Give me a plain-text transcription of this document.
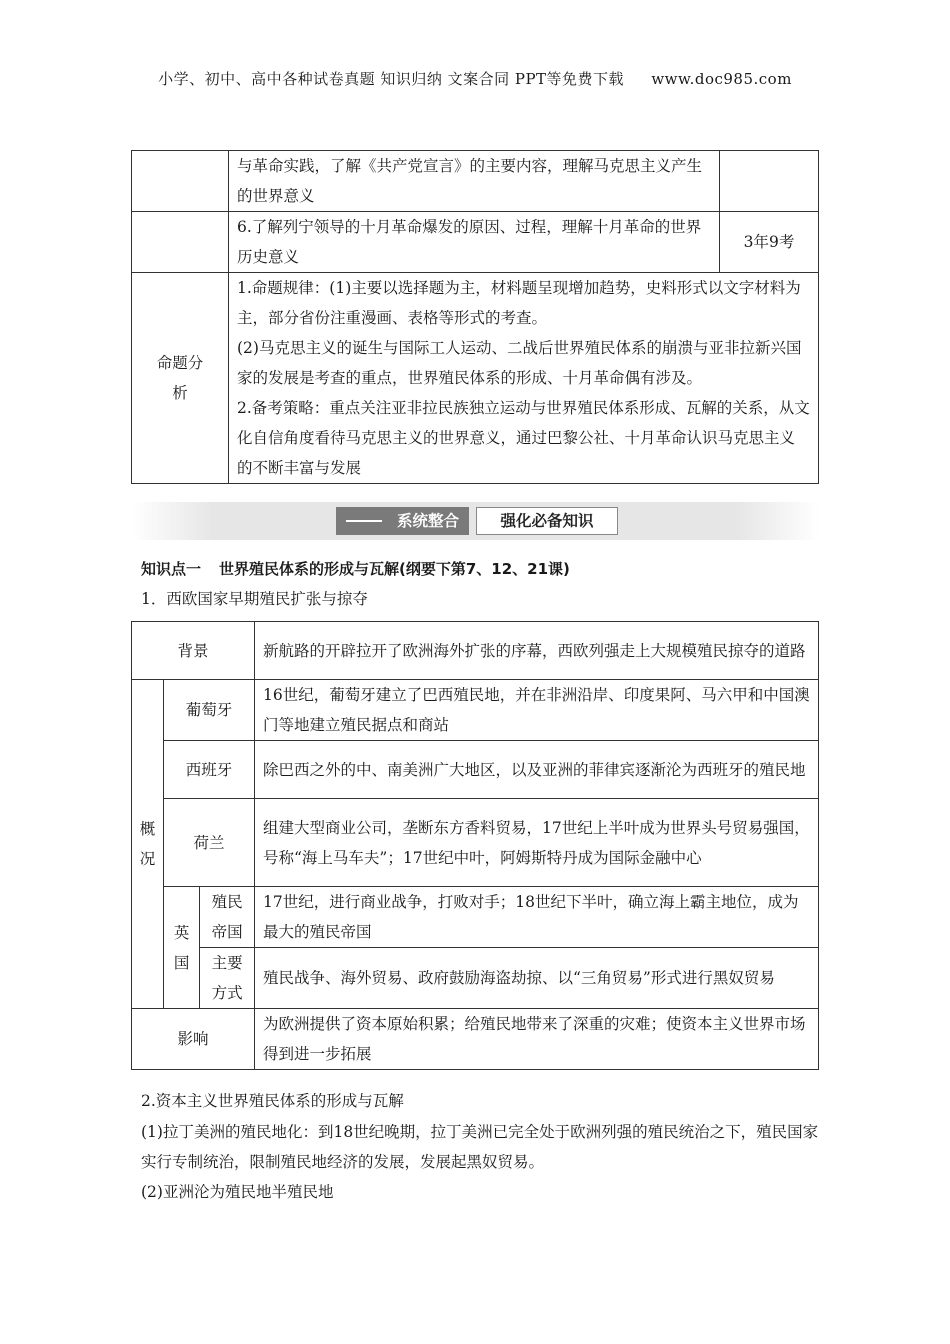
小学、初中、高中各种试卷真题 知识归纳 文案合同 PPT等免费下载 www.doc985.com
	与革命实践，了解《共产党宣言》的主要内容，理解马克思主义产生的世界意义	
	6.了解列宁领导的十月革命爆发的原因、过程，理解十月革命的世界历史意义	3年9考
命题分析	1.命题规律：(1)主要以选择题为主，材料题呈现增加趋势，史料形式以文字材料为主，部分省份注重漫画、表格等形式的考查。
(2)马克思主义的诞生与国际工人运动、二战后世界殖民体系的崩溃与亚非拉新兴国家的发展是考查的重点，世界殖民体系的形成、十月革命偶有涉及。
2.备考策略：重点关注亚非拉民族独立运动与世界殖民体系形成、瓦解的关系，从文化自信角度看待马克思主义的世界意义，通过巴黎公社、十月革命认识马克思主义的不断丰富与发展	
系统整合	强化必备知识
知识点一 世界殖民体系的形成与瓦解(纲要下第7、12、21课)
1．西欧国家早期殖民扩张与掠夺
背景			新航路的开辟拉开了欧洲海外扩张的序幕，西欧列强走上大规模殖民掠夺的道路
概况	葡萄牙		16世纪，葡萄牙建立了巴西殖民地，并在非洲沿岸、印度果阿、马六甲和中国澳门等地建立殖民据点和商站
	西班牙		除巴西之外的中、南美洲广大地区，以及亚洲的菲律宾逐渐沦为西班牙的殖民地
	荷兰		组建大型商业公司，垄断东方香料贸易，17世纪上半叶成为世界头号贸易强国，号称“海上马车夫”；17世纪中叶，阿姆斯特丹成为国际金融中心
	英国	殖民帝国	17世纪，进行商业战争，打败对手；18世纪下半叶，确立海上霸主地位，成为最大的殖民帝国
		主要方式	殖民战争、海外贸易、政府鼓励海盗劫掠、以“三角贸易”形式进行黑奴贸易
影响			为欧洲提供了资本原始积累；给殖民地带来了深重的灾难；使资本主义世界市场得到进一步拓展
2.资本主义世界殖民体系的形成与瓦解
(1)拉丁美洲的殖民地化：到18世纪晚期，拉丁美洲已完全处于欧洲列强的殖民统治之下，殖民国家实行专制统治，限制殖民地经济的发展，发展起黑奴贸易。
(2)亚洲沦为殖民地半殖民地
